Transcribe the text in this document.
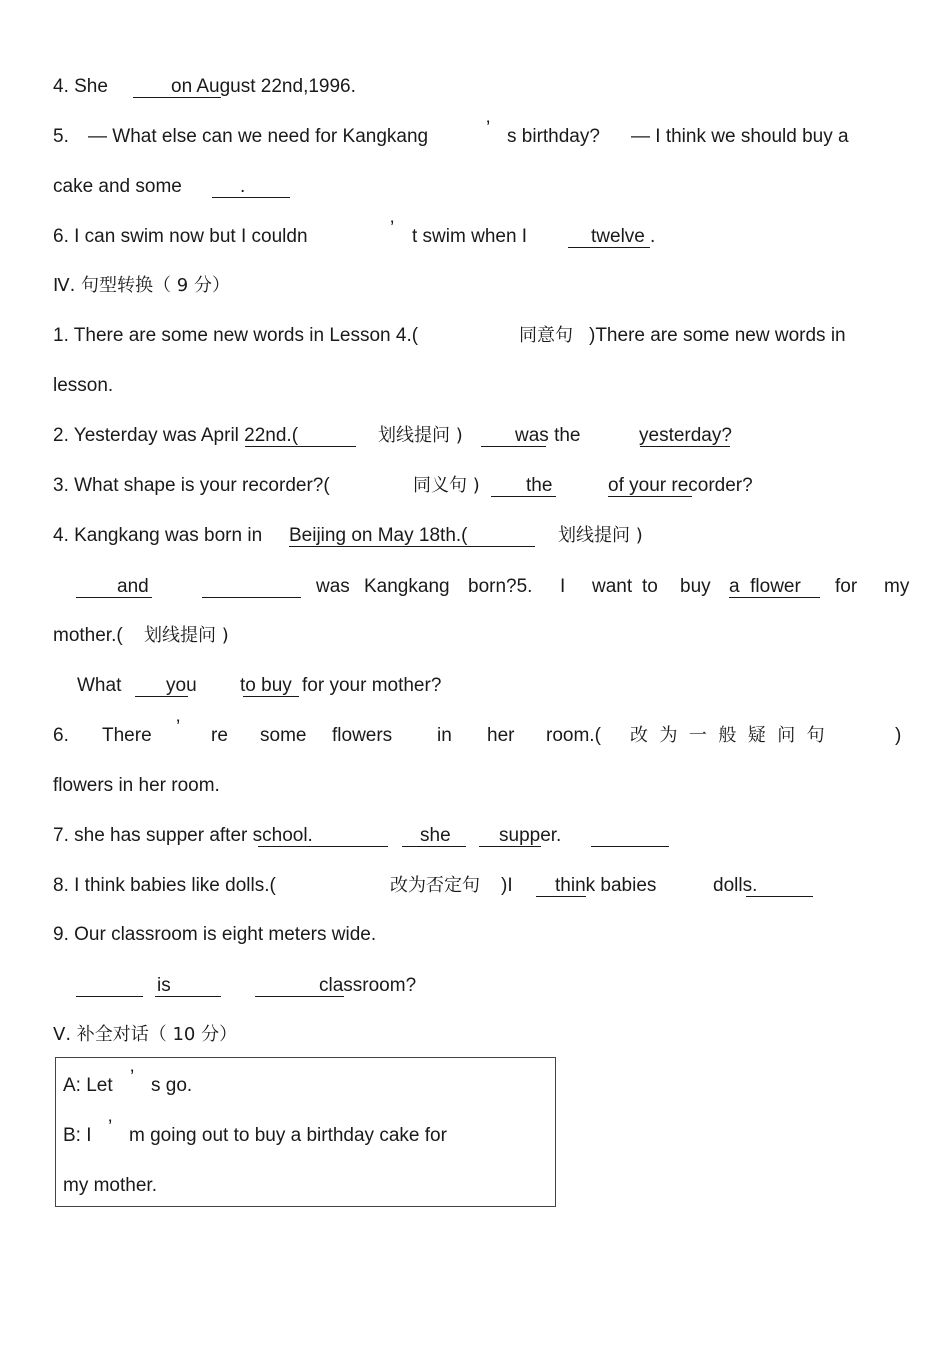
4. She	on August 22nd,1996.
5. — What else can we need for Kangkang	’ s birthday? — I think we should buy a
cake and some	.
6. I can swim now but I couldn	’ t swim when I	twelve .
Ⅳ. 句型转换（ 9 分）
1. There are some new words in Lesson 4.(	同意句 )There are some new words in
lesson.
2. Yesterday was April 22nd.(	划线提问 )	was the	yesterday?
3. What shape is your recorder?(	同义句 ) the	of your recorder?
4. Kangkang was born in Beijing on May 18th.(	划线提问 )
and	was Kangkang born?5. I want to buy a  flower for my
mother.( 划线提问 )
What you to buy for your mother?
6. There ’ re some flowers in her room.( 改  为  一  般  疑  问  句	)
flowers in her room.
7. she has supper after school.	she	supper.
8. I think babies like dolls.(	改为否定句 )I think babies	dolls.
9. Our classroom is eight meters wide.
is	classroom?
Ⅴ. 补全对话（ 10 分）
A: Let ’ s go.
B: I ’ m going out to buy a birthday cake for
my mother.
